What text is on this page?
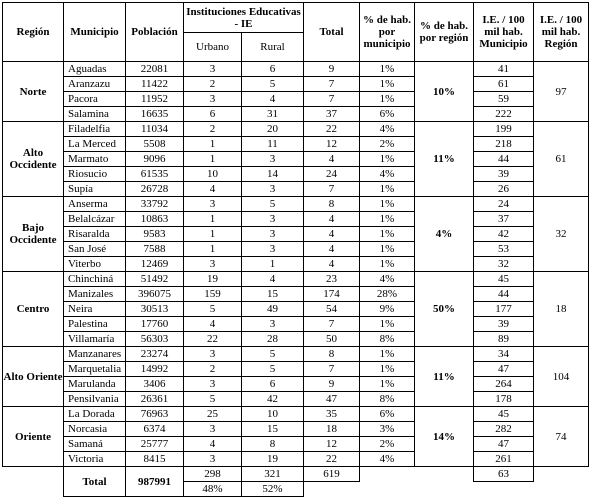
Región	Municipio	Población	Instituciones Educativas - IE		Total	% de hab. por municipio	% de hab. por región	I.E. / 100 mil hab. Municipio	I.E. / 100 mil hab. Región
			Urbano	Rural					
Norte	Aguadas	22081	3	6	9	1%	10%	41	97
	Aranzazu	11422	2	5	7	1%		61	
	Pacora	11952	3	4	7	1%		59	
	Salamina	16635	6	31	37	6%		222	
Alto Occidente	Filadelfia	11034	2	20	22	4%	11%	199	61
	La Merced	5508	1	11	12	2%		218	
	Marmato	9096	1	3	4	1%		44	
	Riosucio	61535	10	14	24	4%		39	
	Supía	26728	4	3	7	1%		26	
Bajo Occidente	Anserma	33792	3	5	8	1%	4%	24	32
	Belalcázar	10863	1	3	4	1%		37	
	Risaralda	9583	1	3	4	1%		42	
	San José	7588	1	3	4	1%		53	
	Viterbo	12469	3	1	4	1%		32	
Centro	Chinchiná	51492	19	4	23	4%	50%	45	18
	Manizales	396075	159	15	174	28%		44	
	Neira	30513	5	49	54	9%		177	
	Palestina	17760	4	3	7	1%		39	
	Villamaría	56303	22	28	50	8%		89	
Alto Oriente	Manzanares	23274	3	5	8	1%	11%	34	104
	Marquetalia	14992	2	5	7	1%		47	
	Marulanda	3406	3	6	9	1%		264	
	Pensilvania	26361	5	42	47	8%		178	
Oriente	La Dorada	76963	25	10	35	6%	14%	45	74
	Norcasia	6374	3	15	18	3%		282	
	Samaná	25777	4	8	12	2%		47	
	Victoria	8415	3	19	22	4%		261	
	Total	987991	298	321	619			63	
			48%	52%					
